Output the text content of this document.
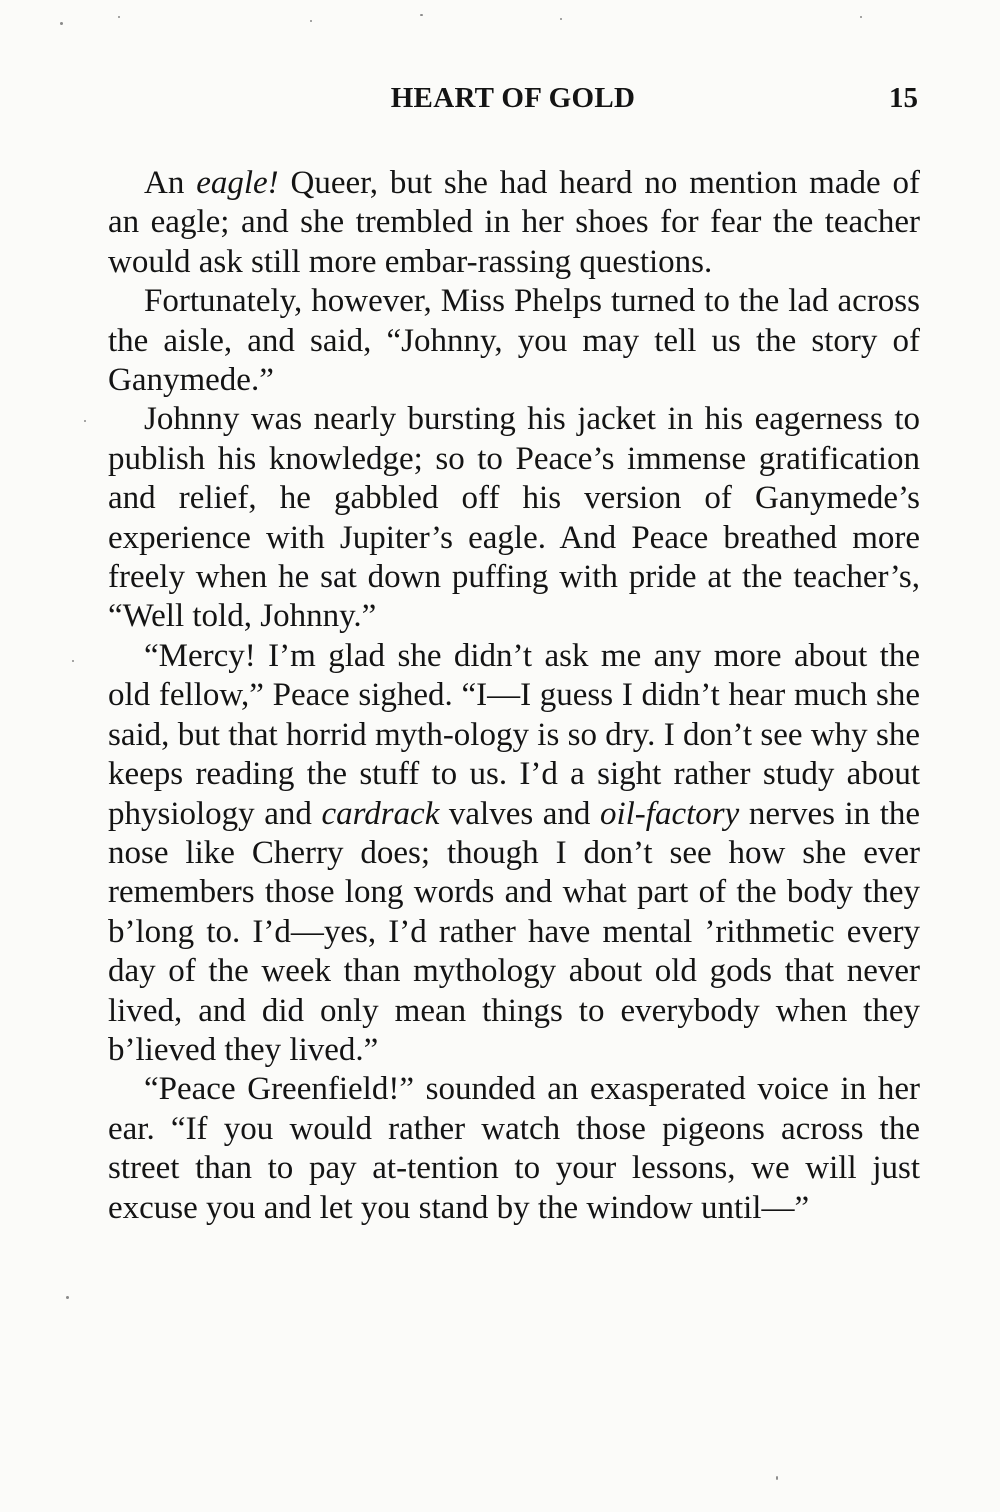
HEART OF GOLD	15

An eagle! Queer, but she had heard no mention made of an eagle; and she trembled in her shoes for fear the teacher would ask still more embar-rassing questions.

Fortunately, however, Miss Phelps turned to the lad across the aisle, and said, “Johnny, you may tell us the story of Ganymede.”

Johnny was nearly bursting his jacket in his eagerness to publish his knowledge; so to Peace’s immense gratification and relief, he gabbled off his version of Ganymede’s experience with Jupiter’s eagle. And Peace breathed more freely when he sat down puffing with pride at the teacher’s, “Well told, Johnny.”

“Mercy! I’m glad she didn’t ask me any more about the old fellow,” Peace sighed. “I—I guess I didn’t hear much she said, but that horrid myth-ology is so dry. I don’t see why she keeps reading the stuff to us. I’d a sight rather study about physiology and cardrack valves and oil-factory nerves in the nose like Cherry does; though I don’t see how she ever remembers those long words and what part of the body they b’long to. I’d—yes, I’d rather have mental ’rithmetic every day of the week than mythology about old gods that never lived, and did only mean things to everybody when they b’lieved they lived.”

“Peace Greenfield!” sounded an exasperated voice in her ear. “If you would rather watch those pigeons across the street than to pay at-tention to your lessons, we will just excuse you and let you stand by the window until—”
